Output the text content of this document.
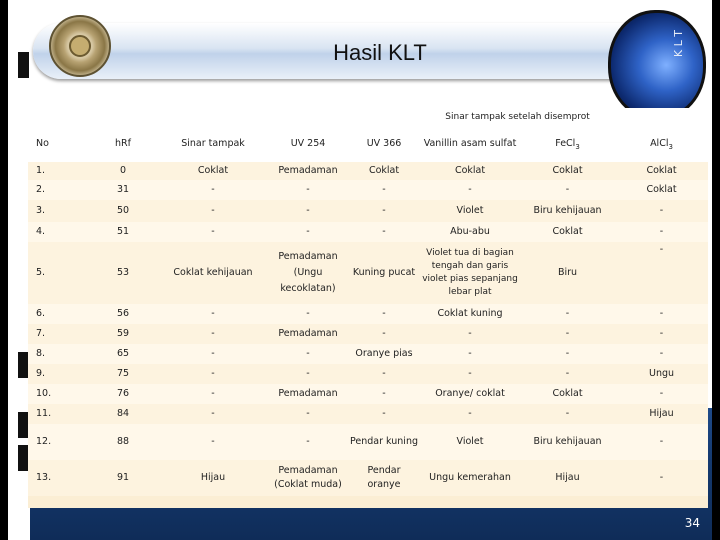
Hasil KLT	K L T
					Sinar tampak setelah disemprot		
No	hRf	Sinar tampak	UV 254	UV 366	Vanillin asam sulfat	FeCl$_3$	AlCl$_3$
1.	0	Coklat	Pemadaman	Coklat	Coklat	Coklat	Coklat
2.	31	-	-	-	-	-	Coklat
3.	50	-	-	-	Violet	Biru kehijauan	-
4.	51	-	-	-	Abu-abu	Coklat	-
5.	53	Coklat kehijauan	Pemadaman (Ungu kecoklatan)	Kuning pucat	Violet tua di bagian tengah dan garis violet pias sepanjang lebar plat	Biru	-
6.	56	-	-	-	Coklat kuning	-	-
7.	59	-	Pemadaman	-	-	-	-
8.	65	-	-	Oranye pias	-	-	-
9.	75	-	-	-	-	-	Ungu
10.	76	-	Pemadaman	-	Oranye/ coklat	Coklat	-
11.	84	-	-	-	-	-	Hijau
12.	88	-	-	Pendar kuning	Violet	Biru kehijauan	-
13.	91	Hijau	Pemadaman (Coklat muda)	Pendar oranye	Ungu kemerahan	Hijau	-
34
